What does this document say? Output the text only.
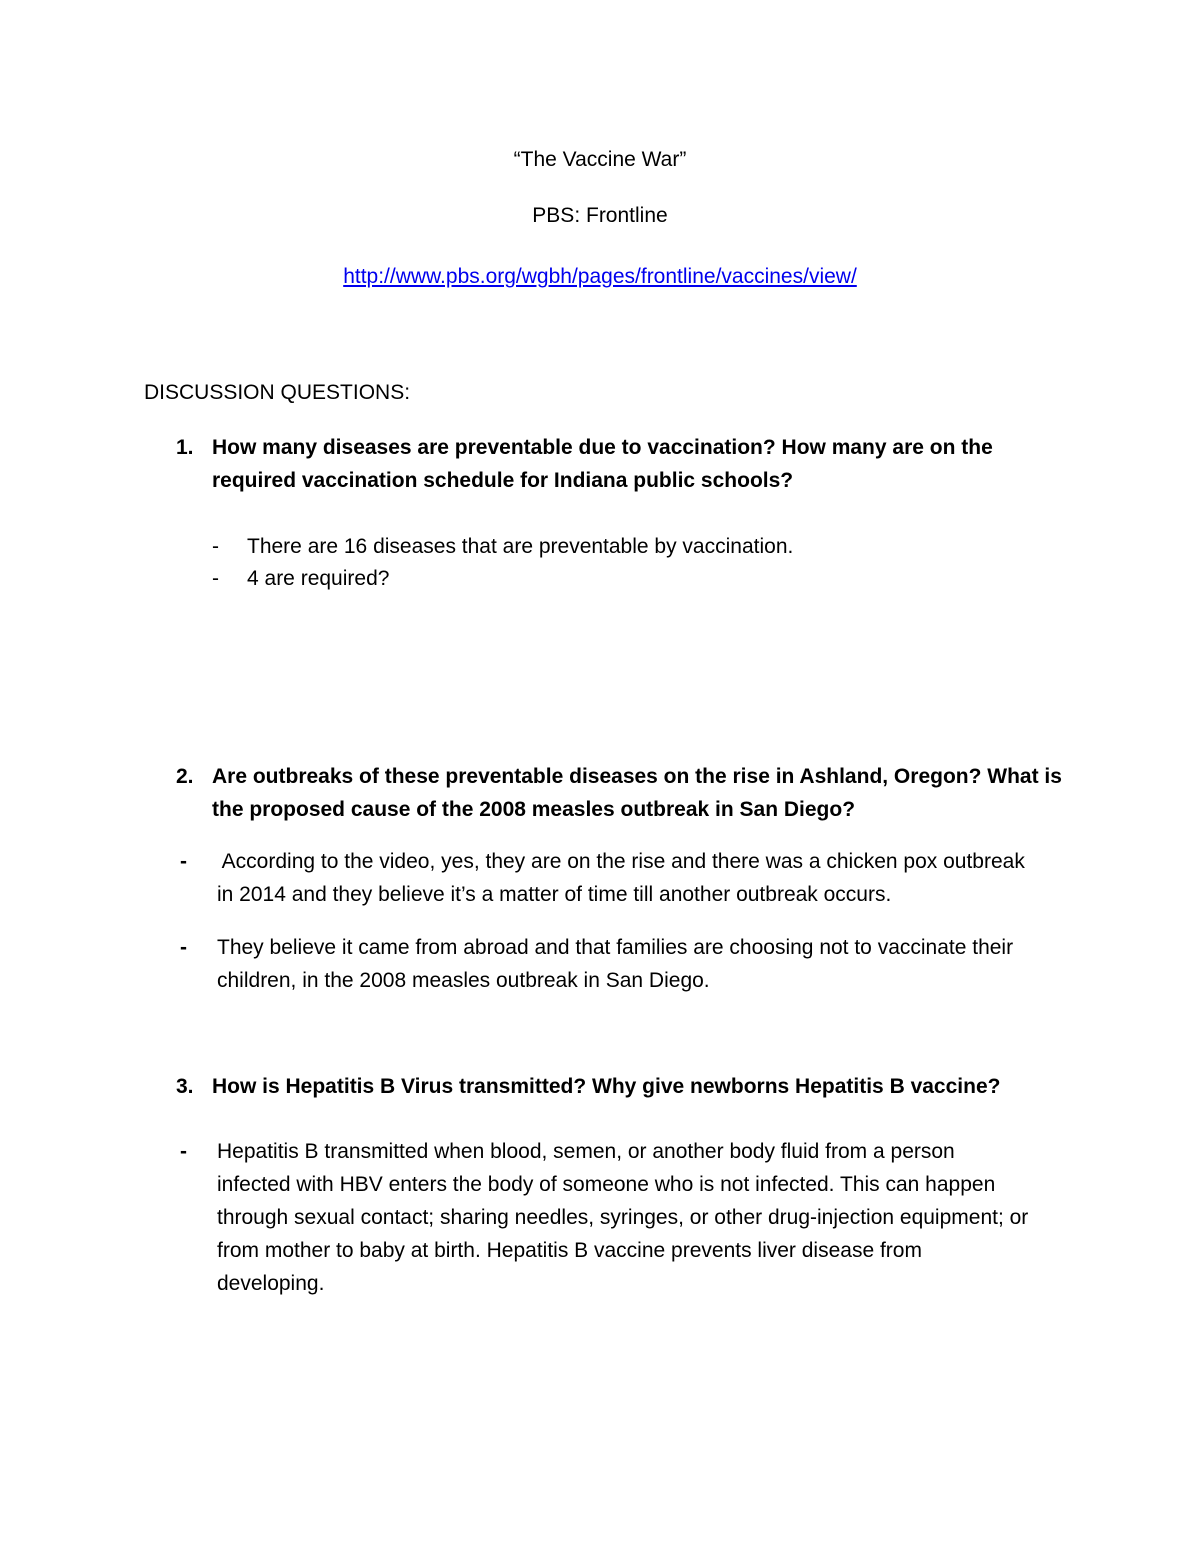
“The Vaccine War”
PBS: Frontline
http://www.pbs.org/wgbh/pages/frontline/vaccines/view/
DISCUSSION QUESTIONS:
1. How many diseases are preventable due to vaccination? How many are on the
required vaccination schedule for Indiana public schools?
- There are 16 diseases that are preventable by vaccination.
- 4 are required?
2. Are outbreaks of these preventable diseases on the rise in Ashland, Oregon? What is
the proposed cause of the 2008 measles outbreak in San Diego?
- According to the video, yes, they are on the rise and there was a chicken pox outbreak
in 2014 and they believe it’s a matter of time till another outbreak occurs.
- They believe it came from abroad and that families are choosing not to vaccinate their
children, in the 2008 measles outbreak in San Diego.
3. How is Hepatitis B Virus transmitted? Why give newborns Hepatitis B vaccine?
- Hepatitis B transmitted when blood, semen, or another body fluid from a person
infected with HBV enters the body of someone who is not infected. This can happen
through sexual contact; sharing needles, syringes, or other drug-injection equipment; or
from mother to baby at birth. Hepatitis B vaccine prevents liver disease from
developing.
